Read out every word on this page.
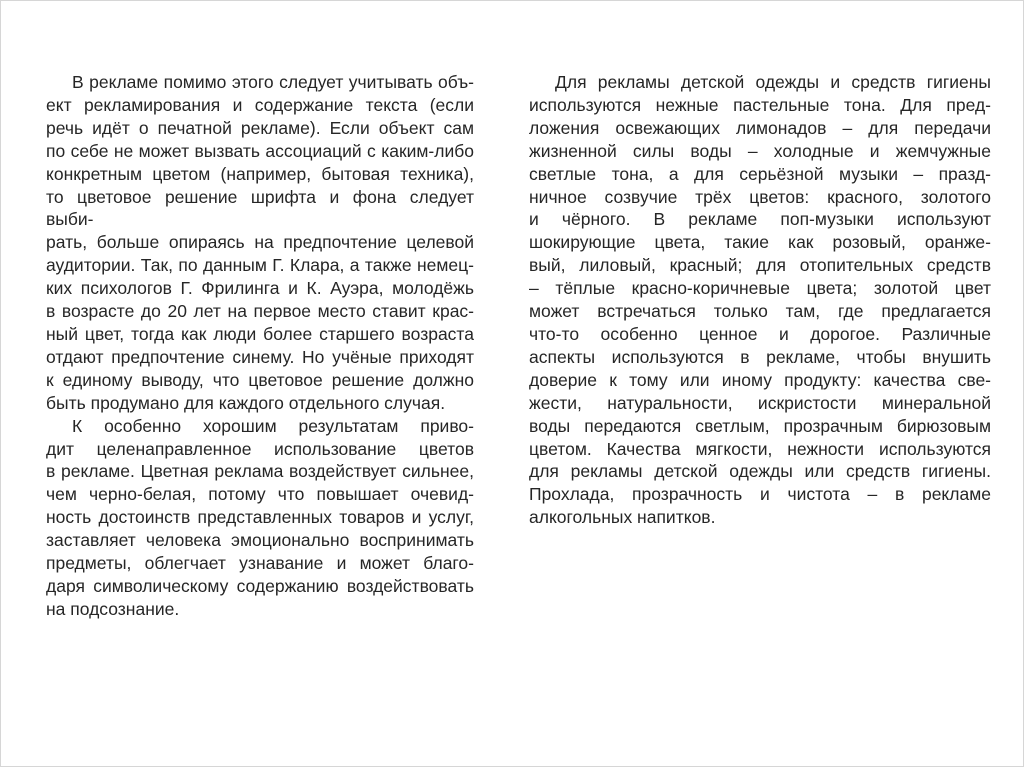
В рекламе помимо этого следует учитывать объ-
ект рекламирования и содержание текста (если
речь идёт о печатной рекламе). Если объект сам
по себе не может вызвать ассоциаций с каким-либо
конкретным цветом (например, бытовая техника),
то цветовое решение шрифта и фона следует выби-
рать, больше опираясь на предпочтение целевой
аудитории. Так, по данным Г. Клара, а также немец-
ких психологов Г. Фрилинга и К. Ауэра, молодёжь
в возрасте до 20 лет на первое место ставит крас-
ный цвет, тогда как люди более старшего возраста
отдают предпочтение синему. Но учёные приходят
к единому выводу, что цветовое решение должно
быть продумано для каждого отдельного случая.
К особенно хорошим результатам приво-
дит целенаправленное использование цветов
в рекламе. Цветная реклама воздействует сильнее,
чем черно-белая, потому что повышает очевид-
ность достоинств представленных товаров и услуг,
заставляет человека эмоционально воспринимать
предметы, облегчает узнавание и может благо-
даря символическому содержанию воздействовать
на подсознание.
Для рекламы детской одежды и средств гигиены
используются нежные пастельные тона. Для пред-
ложения освежающих лимонадов – для передачи
жизненной силы воды – холодные и жемчужные
светлые тона, а для серьёзной музыки – празд-
ничное созвучие трёх цветов: красного, золотого
и чёрного. В рекламе поп-музыки используют
шокирующие цвета, такие как розовый, оранже-
вый, лиловый, красный; для отопительных средств
– тёплые красно-коричневые цвета; золотой цвет
может встречаться только там, где предлагается
что-то особенно ценное и дорогое. Различные
аспекты используются в рекламе, чтобы внушить
доверие к тому или иному продукту: качества све-
жести, натуральности, искристости минеральной
воды передаются светлым, прозрачным бирюзовым
цветом. Качества мягкости, нежности используются
для рекламы детской одежды или средств гигиены.
Прохлада, прозрачность и чистота – в рекламе
алкогольных напитков.
